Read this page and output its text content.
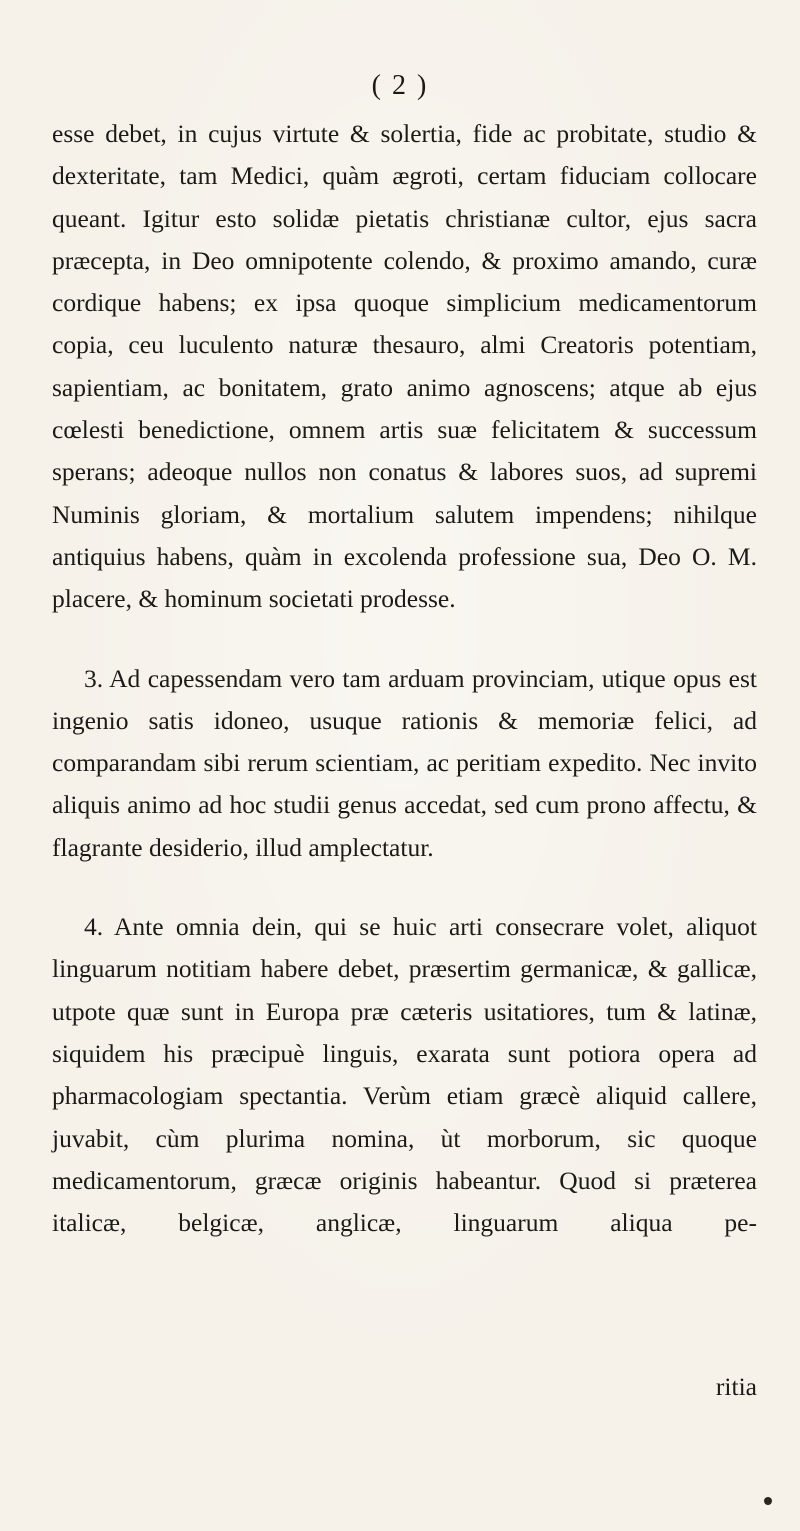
( 2 )

esse debet, in cujus virtute & solertia, fide ac probitate, studio & dexteritate, tam Medici, quàm ægroti, certam fiduciam collocare queant. Igitur esto solidæ pietatis christianæ cultor, ejus sacra præcepta, in Deo omnipotente colendo, & proximo amando, curæ cordique habens; ex ipsa quoque simplicium medicamentorum copia, ceu luculento naturæ thesauro, almi Creatoris potentiam, sapientiam, ac bonitatem, grato animo agnoscens; atque ab ejus cœlesti benedictione, omnem artis suæ felicitatem & successum sperans; adeoque nullos non conatus & labores suos, ad supremi Numinis gloriam, & mortalium salutem impendens; nihilque antiquius habens, quàm in excolenda professione sua, Deo O. M. placere, & hominum societati prodesse.

3. Ad capessendam vero tam arduam provinciam, utique opus est ingenio satis idoneo, usuque rationis & memoriæ felici, ad comparandam sibi rerum scientiam, ac peritiam expedito. Nec invito aliquis animo ad hoc studii genus accedat, sed cum prono affectu, & flagrante desiderio, illud amplectatur.

4. Ante omnia dein, qui se huic arti consecrare volet, aliquot linguarum notitiam habere debet, præsertim germanicæ, & gallicæ, utpote quæ sunt in Europa præ cæteris usitatiores, tum & latinæ, siquidem his præcipuè linguis, exarata sunt potiora opera ad pharmacologiam spectantia. Verùm etiam græcè aliquid callere, juvabit, cùm plurima nomina, ùt morborum, sic quoque medicamentorum, græcæ originis habeantur. Quod si præterea italicæ, belgicæ, anglicæ, linguarum aliqua pe-

ritia
